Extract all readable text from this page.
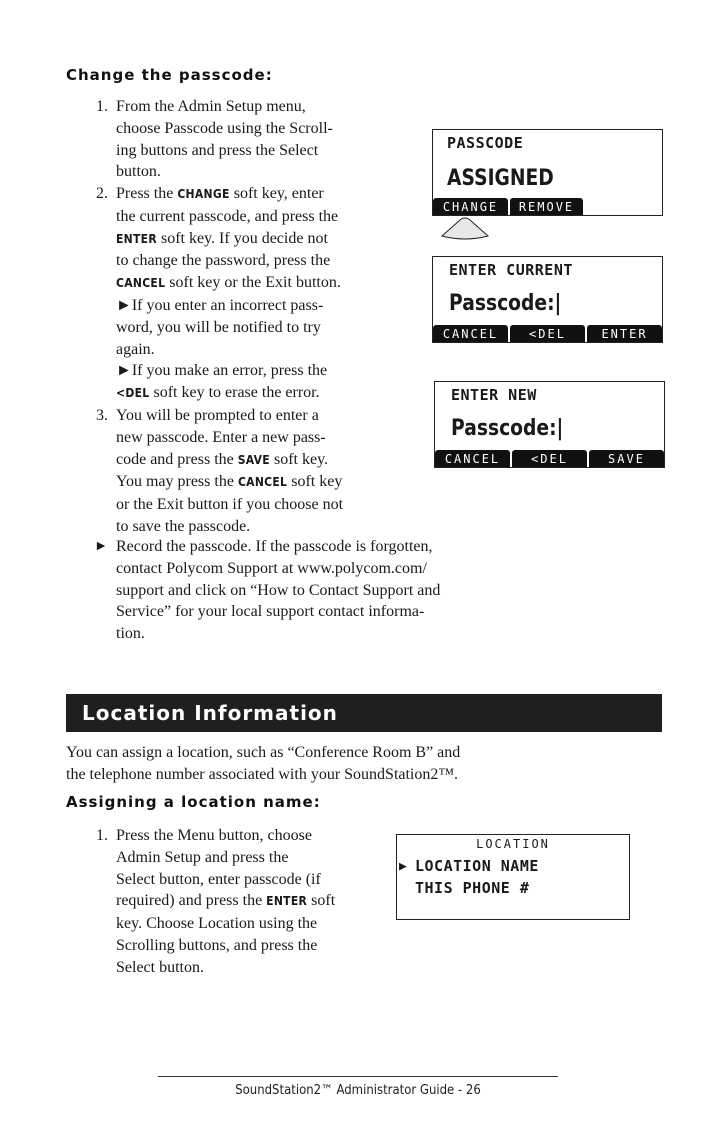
Change the passcode:
1. From the Admin Setup menu,
choose Passcode using the Scroll-
ing buttons and press the Select
button.
2. Press the CHANGE soft key, enter
the current passcode, and press the
ENTER soft key. If you decide not
to change the password, press the
CANCEL soft key or the Exit button.
►If you enter an incorrect pass-
word, you will be notified to try
again.
►If you make an error, press the
<DEL soft key to erase the error.
3. You will be prompted to enter a
new passcode. Enter a new pass-
code and press the SAVE soft key.
You may press the CANCEL soft key
or the Exit button if you choose not
to save the passcode.
► Record the passcode. If the passcode is forgotten,
contact Polycom Support at www.polycom.com/
support and click on “How to Contact Support and
Service” for your local support contact informa-
tion.
PASSCODE
ASSIGNED
CHANGE	REMOVE
ENTER CURRENT
Passcode:|
CANCEL	<DEL	ENTER
ENTER NEW
Passcode:|
CANCEL	<DEL	SAVE
Location Information
You can assign a location, such as “Conference Room B” and
the telephone number associated with your SoundStation2™.
Assigning a location name:
1. Press the Menu button, choose
Admin Setup and press the
Select button, enter passcode (if
required) and press the ENTER soft
key. Choose Location using the
Scrolling buttons, and press the
Select button.
LOCATION
▶ LOCATION NAME
THIS PHONE #
SoundStation2™ Administrator Guide - 26
